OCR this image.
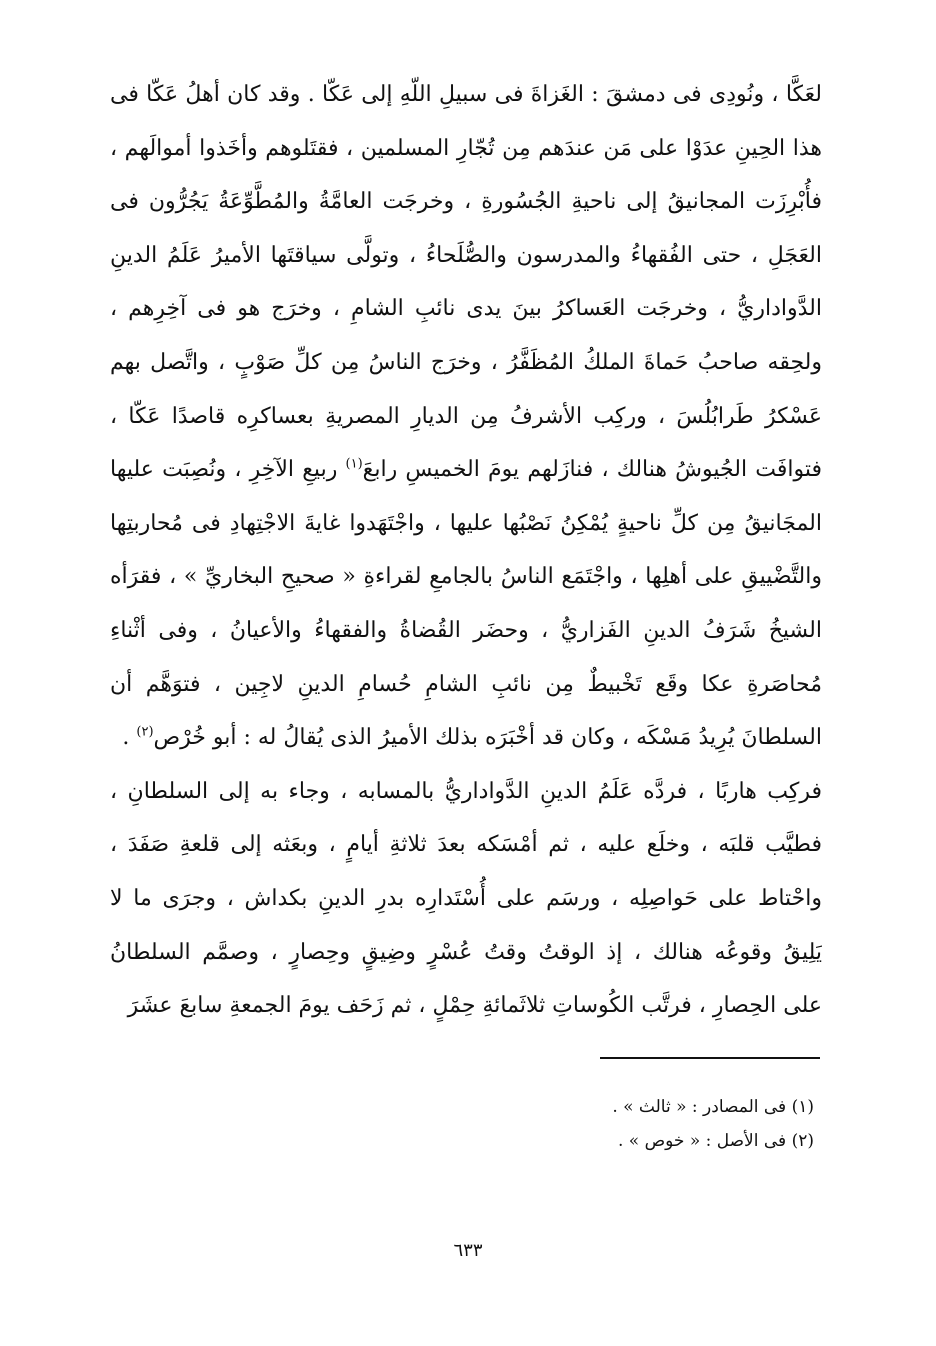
لعَكَّا ، ونُودِى فى دمشقَ : الغَزاةَ فى سبيلِ اللّهِ إلى عَكّا . وقد كان أهلُ عَكّا فى
هذا الحِينِ عدَوْا على مَن عندَهم مِن تُجّارِ المسلمين ، فقتَلوهم وأخَذوا أموالَهم ،
فأُبْرِزَت المجانيقُ إلى ناحيةِ الجُسُورةِ ، وخرجَت العامَّةُ والمُطَّوِّعَةُ يَجُرُّون فى
العَجَلِ ، حتى الفُقهاءُ والمدرسون والصُّلَحاءُ ، وتولَّى سياقتَها الأميرُ عَلَمُ الدينِ
الدَّواداريُّ ، وخرجَت العَساكرُ بينَ يدى نائبِ الشامِ ، وخرَج هو فى آخِرِهم ،
ولحِقه صاحبُ حَماةَ الملكُ المُظَفَّرُ ، وخرَج الناسُ مِن كلِّ صَوْبٍ ، واتَّصل بهم
عَسْكرُ طَرابُلُسَ ، وركِب الأشرفُ مِن الديارِ المصريةِ بعساكرِه قاصدًا عَكّا ،
فتوافَت الجُيوشُ هنالك ، فنازَلهم يومَ الخميسِ رابعَ$^{(١)}$ ربيعِ الآخِرِ ، ونُصِبَت عليها
المجَانيقُ مِن كلِّ ناحيةٍ يُمْكِنُ نَصْبُها عليها ، واجْتَهَدوا غايةَ الاجْتِهادِ فى مُحاربتِها
والتَّضْييقِ على أهلِها ، واجْتَمَع الناسُ بالجامعِ لقراءةِ « صحيحِ البخاريِّ » ، فقرَأه
الشيخُ شَرَفُ الدينِ الفَزاريُّ ، وحضَر القُضاةُ والفقهاءُ والأعيانُ ، وفى أثْناءِ
مُحاصَرةِ عكا وقَع تَخْبيطٌ مِن نائبِ الشامِ حُسامِ الدينِ لاجِين ، فتوَهَّم أن
السلطانَ يُرِيدُ مَسْكَه ، وكان قد أخْبَرَه بذلك الأميرُ الذى يُقالُ له : أبو خُرْص$^{(٢)}$ .
فركِب هاربًا ، فردَّه عَلَمُ الدينِ الدَّواداريُّ بالمسابه ، وجاء به إلى السلطانِ ،
فطيَّب قلبَه ، وخلَع عليه ، ثم أمْسَكه بعدَ ثلاثةِ أيامٍ ، وبعَثه إلى قلعةِ صَفَدَ ،
واحْتاط على حَواصِلِه ، ورسَم على أُسْتَدارِه بدرِ الدينِ بكداش ، وجرَى ما لا
يَلِيقُ وقوعُه هنالك ، إذ الوقتُ وقتُ عُسْرٍ وضِيقٍ وحِصارٍ ، وصمَّم السلطانُ
على الحِصارِ ، فرتَّب الكُوساتِ ثلاثَمائةِ حِمْلٍ ، ثم زَحَف يومَ الجمعةِ سابعَ عشَرَ
(١) فى المصادر : « ثالث » .
(٢) فى الأصل : « خوص » .
٦٣٣
